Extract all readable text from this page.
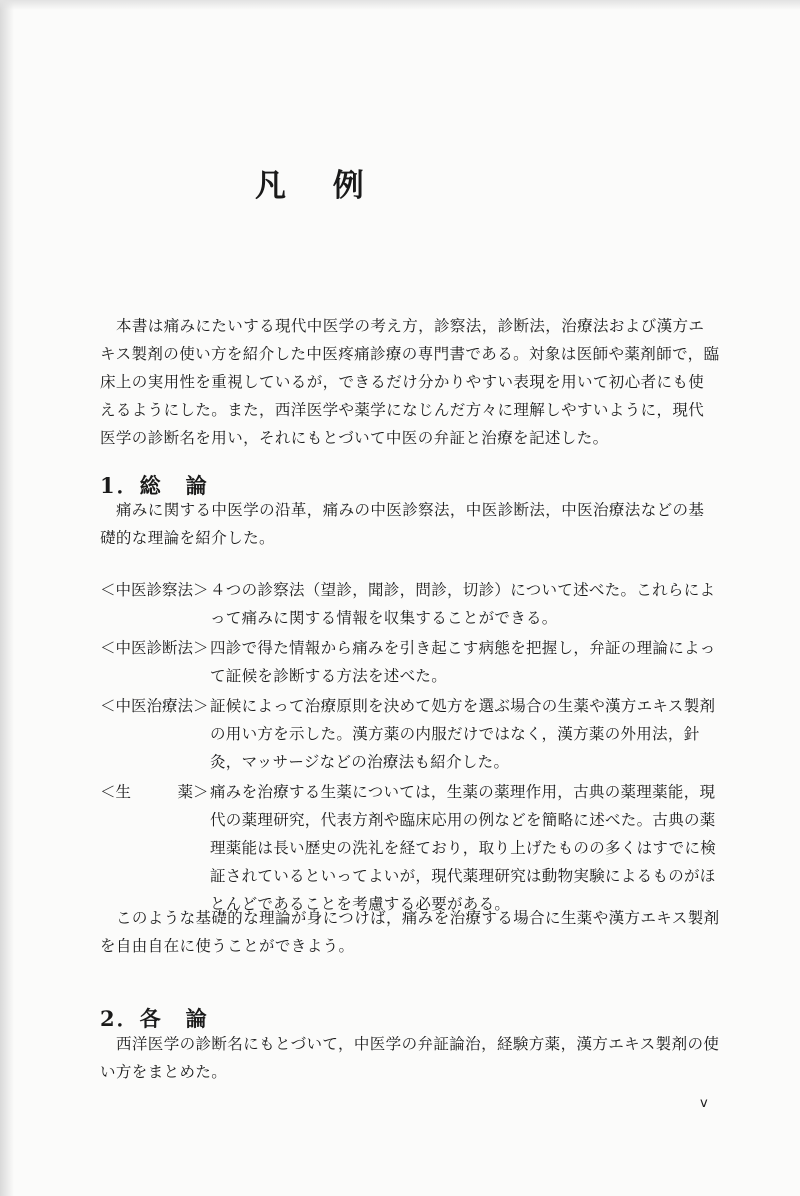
凡 例

本書は痛みにたいする現代中医学の考え方，診察法，診断法，治療法および漢方エキス製剤の使い方を紹介した中医疼痛診療の専門書である。対象は医師や薬剤師で，臨床上の実用性を重視しているが，できるだけ分かりやすい表現を用いて初心者にも使えるようにした。また，西洋医学や薬学になじんだ方々に理解しやすいように，現代医学の診断名を用い，それにもとづいて中医の弁証と治療を記述した。

1．総　論

痛みに関する中医学の沿革，痛みの中医診察法，中医診断法，中医治療法などの基礎的な理論を紹介した。

＜中医診察法＞ ４つの診察法（望診，聞診，問診，切診）について述べた。これらによって痛みに関する情報を収集することができる。
＜中医診断法＞ 四診で得た情報から痛みを引き起こす病態を把握し，弁証の理論によって証候を診断する方法を述べた。
＜中医治療法＞ 証候によって治療原則を決めて処方を選ぶ場合の生薬や漢方エキス製剤の用い方を示した。漢方薬の内服だけではなく，漢方薬の外用法，針灸，マッサージなどの治療法も紹介した。
＜生　　　薬＞ 痛みを治療する生薬については，生薬の薬理作用，古典の薬理薬能，現代の薬理研究，代表方剤や臨床応用の例などを簡略に述べた。古典の薬理薬能は長い歴史の洗礼を経ており，取り上げたものの多くはすでに検証されているといってよいが，現代薬理研究は動物実験によるものがほとんどであることを考慮する必要がある。

このような基礎的な理論が身につけば，痛みを治療する場合に生薬や漢方エキス製剤を自由自在に使うことができよう。

2．各　論

西洋医学の診断名にもとづいて，中医学の弁証論治，経験方薬，漢方エキス製剤の使い方をまとめた。

v
